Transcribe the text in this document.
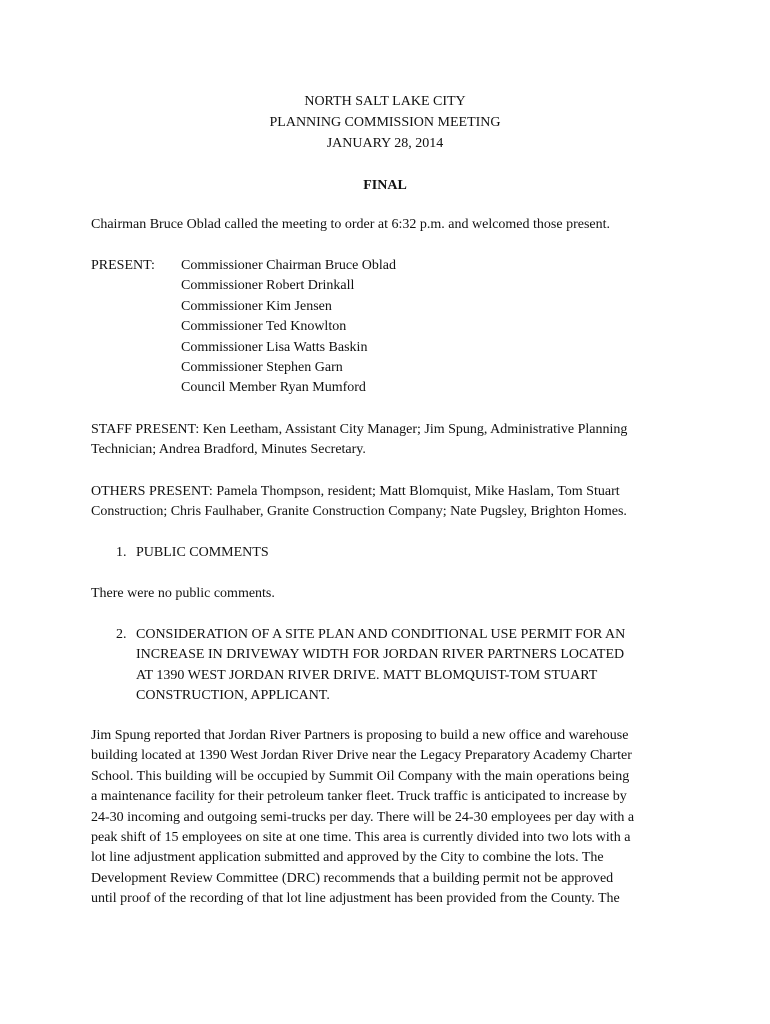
NORTH SALT LAKE CITY
PLANNING COMMISSION MEETING
JANUARY 28, 2014
FINAL

Chairman Bruce Oblad called the meeting to order at 6:32 p.m. and welcomed those present.

PRESENT: Commissioner Chairman Bruce Oblad
Commissioner Robert Drinkall
Commissioner Kim Jensen
Commissioner Ted Knowlton
Commissioner Lisa Watts Baskin
Commissioner Stephen Garn
Council Member Ryan Mumford
STAFF PRESENT: Ken Leetham, Assistant City Manager; Jim Spung, Administrative Planning
Technician; Andrea Bradford, Minutes Secretary.
OTHERS PRESENT: Pamela Thompson, resident; Matt Blomquist, Mike Haslam, Tom Stuart
Construction; Chris Faulhaber, Granite Construction Company; Nate Pugsley, Brighton Homes.
1. PUBLIC COMMENTS

There were no public comments.

2. CONSIDERATION OF A SITE PLAN AND CONDITIONAL USE PERMIT FOR AN
INCREASE IN DRIVEWAY WIDTH FOR JORDAN RIVER PARTNERS LOCATED
AT 1390 WEST JORDAN RIVER DRIVE. MATT BLOMQUIST-TOM STUART
CONSTRUCTION, APPLICANT.
Jim Spung reported that Jordan River Partners is proposing to build a new office and warehouse
building located at 1390 West Jordan River Drive near the Legacy Preparatory Academy Charter
School. This building will be occupied by Summit Oil Company with the main operations being
a maintenance facility for their petroleum tanker fleet. Truck traffic is anticipated to increase by
24-30 incoming and outgoing semi-trucks per day. There will be 24-30 employees per day with a
peak shift of 15 employees on site at one time. This area is currently divided into two lots with a
lot line adjustment application submitted and approved by the City to combine the lots. The
Development Review Committee (DRC) recommends that a building permit not be approved
until proof of the recording of that lot line adjustment has been provided from the County. The
